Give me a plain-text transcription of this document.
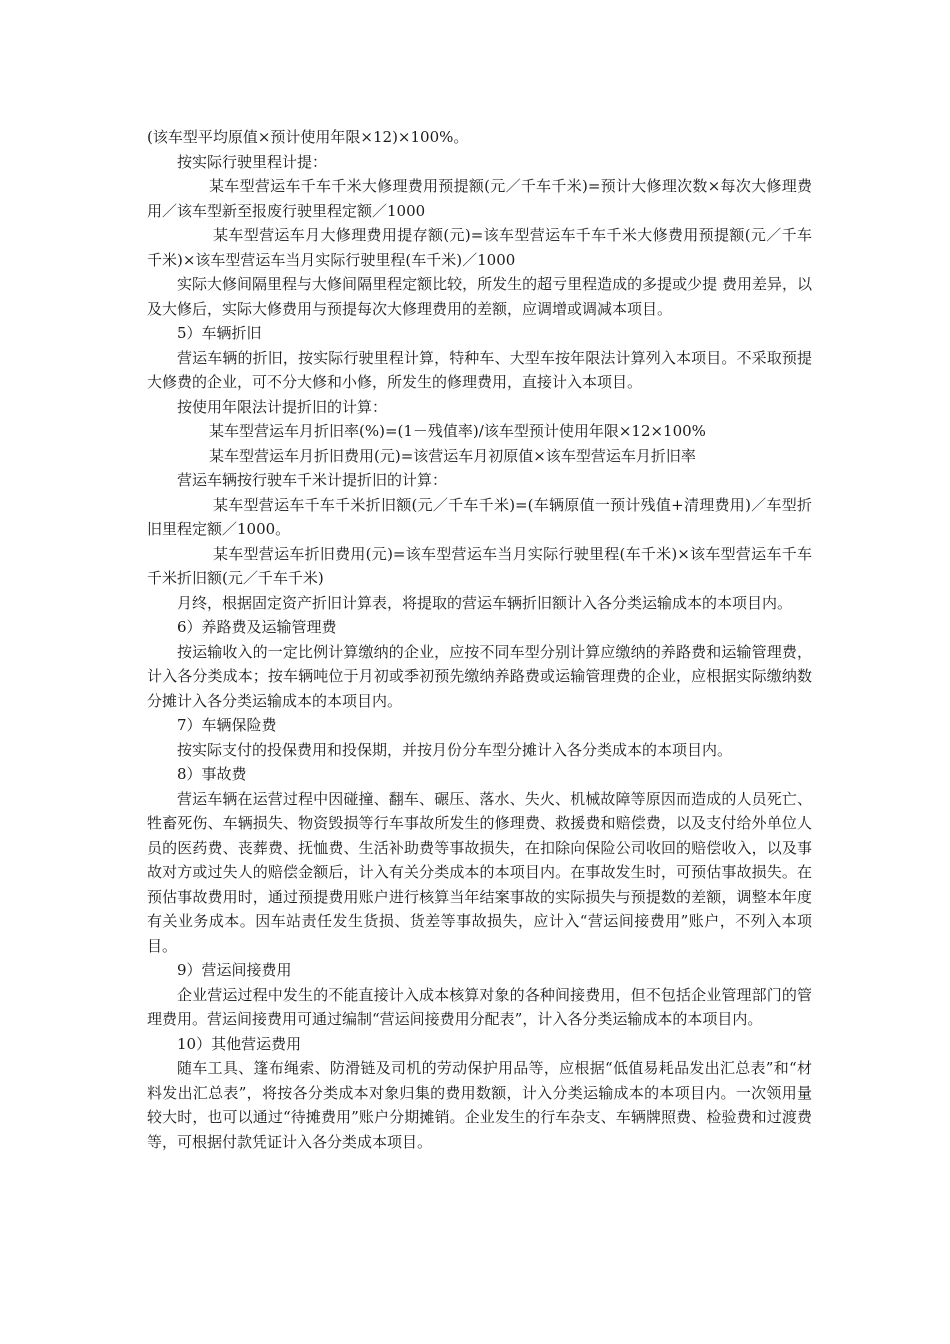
(该车型平均原值×预计使用年限×12)×100%。

按实际行驶里程计提：

某车型营运车千车千米大修理费用预提额(元／千车千米)=预计大修理次数×每次大修理费用／该车型新至报废行驶里程定额／1000

某车型营运车月大修理费用提存额(元)=该车型营运车千车千米大修费用预提额(元／千车千米)×该车型营运车当月实际行驶里程(车千米)／1000

实际大修间隔里程与大修间隔里程定额比较，所发生的超亏里程造成的多提或少提 费用差异，以及大修后，实际大修费用与预提每次大修理费用的差额，应调增或调减本项目。

5）车辆折旧

营运车辆的折旧，按实际行驶里程计算，特种车、大型车按年限法计算列入本项目。不采取预提大修费的企业，可不分大修和小修，所发生的修理费用，直接计入本项目。

按使用年限法计提折旧的计算：

某车型营运车月折旧率(%)=(1－残值率)/该车型预计使用年限×12×100%

某车型营运车月折旧费用(元)=该营运车月初原值×该车型营运车月折旧率

营运车辆按行驶车千米计提折旧的计算：

某车型营运车千车千米折旧额(元／千车千米)=(车辆原值一预计残值+清理费用)／车型折旧里程定额／1000。

某车型营运车折旧费用(元)=该车型营运车当月实际行驶里程(车千米)×该车型营运车千车千米折旧额(元／千车千米)

月终，根据固定资产折旧计算表，将提取的营运车辆折旧额计入各分类运输成本的本项目内。

6）养路费及运输管理费

按运输收入的一定比例计算缴纳的企业，应按不同车型分别计算应缴纳的养路费和运输管理费，计入各分类成本；按车辆吨位于月初或季初预先缴纳养路费或运输管理费的企业，应根据实际缴纳数分摊计入各分类运输成本的本项目内。

7）车辆保险费

按实际支付的投保费用和投保期，并按月份分车型分摊计入各分类成本的本项目内。

8）事故费

营运车辆在运营过程中因碰撞、翻车、碾压、落水、失火、机械故障等原因而造成的人员死亡、牲畜死伤、车辆损失、物资毁损等行车事故所发生的修理费、救援费和赔偿费，以及支付给外单位人员的医药费、丧葬费、抚恤费、生活补助费等事故损失，在扣除向保险公司收回的赔偿收入，以及事故对方或过失人的赔偿金额后，计入有关分类成本的本项目内。在事故发生时，可预估事故损失。在预估事故费用时，通过预提费用账户进行核算当年结案事故的实际损失与预提数的差额，调整本年度有关业务成本。因车站责任发生货损、货差等事故损失，应计入“营运间接费用”账户，不列入本项目。

9）营运间接费用

企业营运过程中发生的不能直接计入成本核算对象的各种间接费用，但不包括企业管理部门的管理费用。营运间接费用可通过编制“营运间接费用分配表”，计入各分类运输成本的本项目内。

10）其他营运费用

随车工具、篷布绳索、防滑链及司机的劳动保护用品等，应根据“低值易耗品发出汇总表”和“材料发出汇总表”，将按各分类成本对象归集的费用数额，计入分类运输成本的本项目内。一次领用量较大时，也可以通过“待摊费用”账户分期摊销。企业发生的行车杂支、车辆牌照费、检验费和过渡费等，可根据付款凭证计入各分类成本项目。
